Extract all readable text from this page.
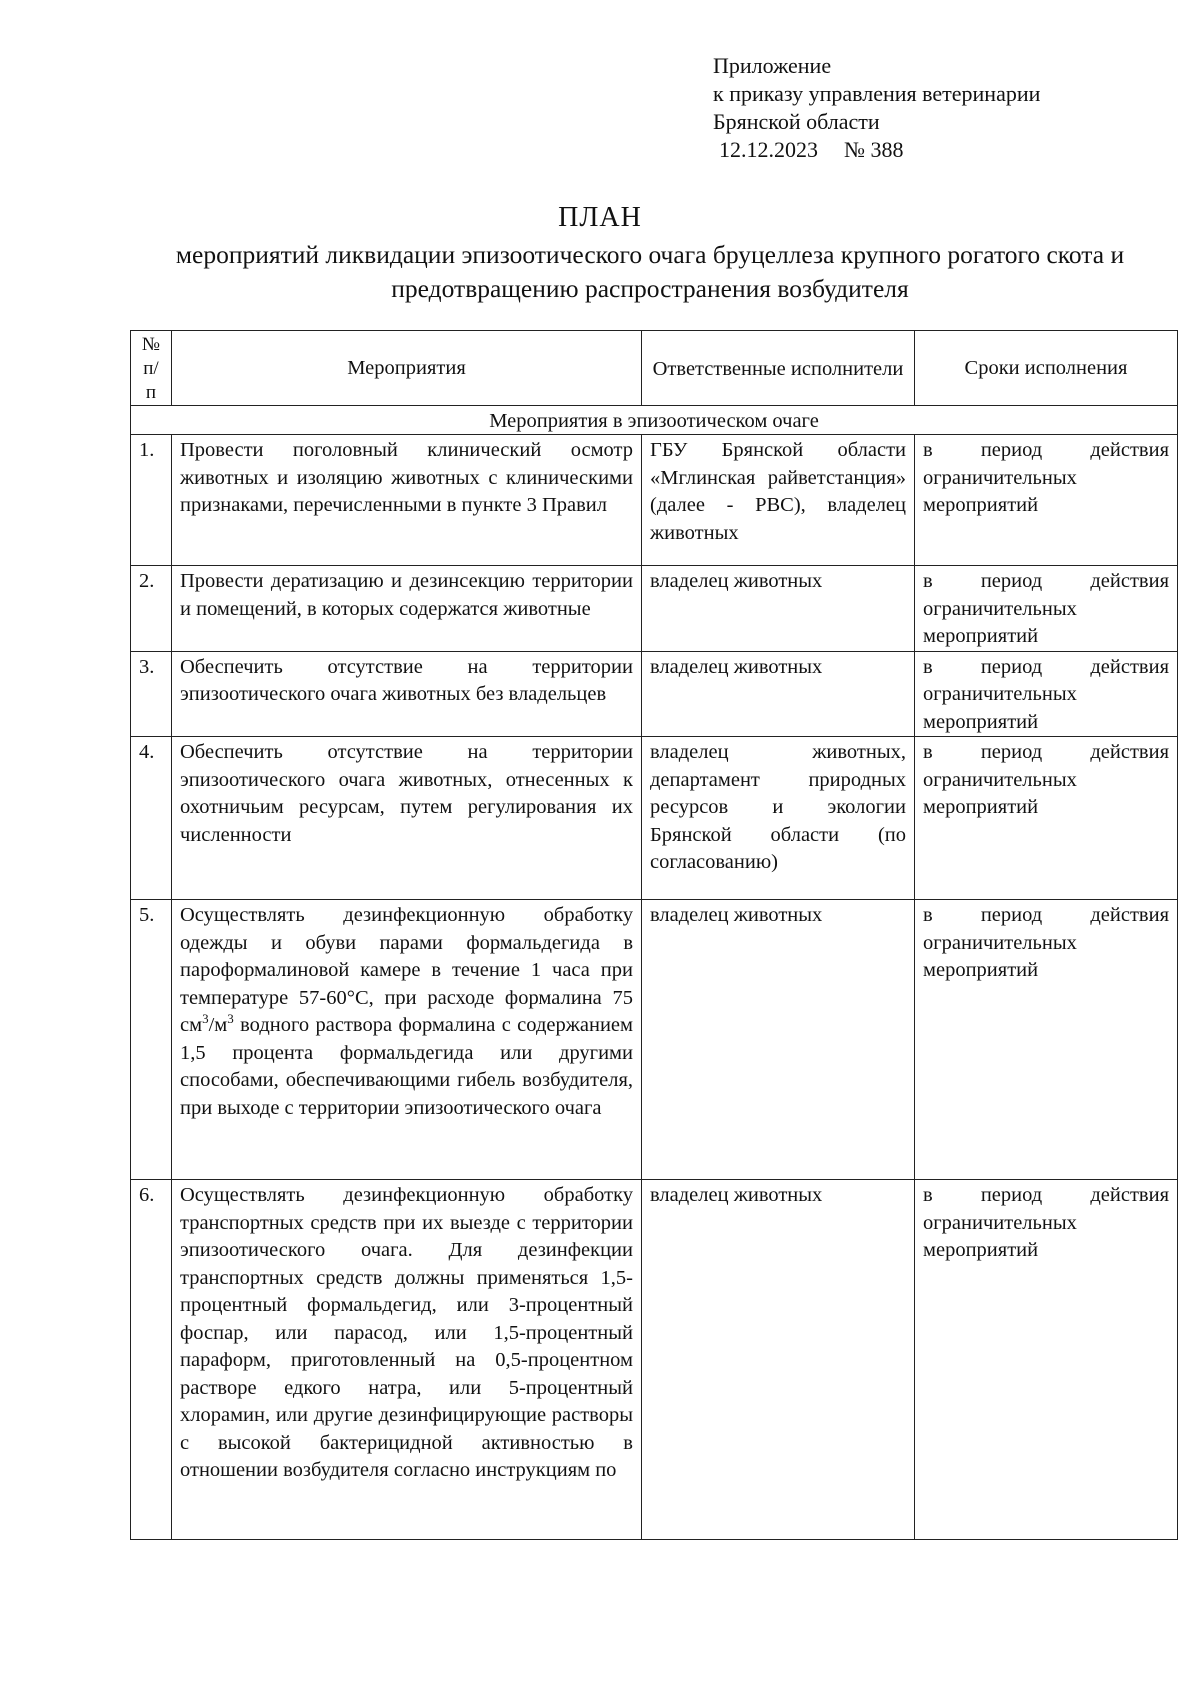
Приложение
к приказу управления ветеринарии
Брянской области
12.12.2023 № 388
ПЛАН
мероприятий ликвидации эпизоотического очага бруцеллеза крупного рогатого скота и предотвращению распространения возбудителя
№ п/п	Мероприятия	Ответственные исполнители	Сроки исполнения
Мероприятия в эпизоотическом очаге			
1.	Провести поголовный клинический осмотр животных и изоляцию животных с клиническими признаками, перечисленными в пункте 3 Правил	ГБУ Брянской области «Мглинская райветстанция» (далее - РВС), владелец животных	в период действия ограничительных мероприятий
2.	Провести дератизацию и дезинсекцию территории и помещений, в которых содержатся животные	владелец животных	в период действия ограничительных мероприятий
3.	Обеспечить отсутствие на территории эпизоотического очага животных без владельцев	владелец животных	в период действия ограничительных мероприятий
4.	Обеспечить отсутствие на территории эпизоотического очага животных, отнесенных к охотничьим ресурсам, путем регулирования их численности	владелец животных, департамент природных ресурсов и экологии Брянской области (по согласованию)	в период действия ограничительных мероприятий
5.	Осуществлять дезинфекционную обработку одежды и обуви парами формальдегида в пароформалиновой камере в течение 1 часа при температуре 57-60°С, при расходе формалина 75 $см^3/м^3$ водного раствора формалина с содержанием 1,5 процента формальдегида или другими способами, обеспечивающими гибель возбудителя, при выходе с территории эпизоотического очага	владелец животных	в период действия ограничительных мероприятий
6.	Осуществлять дезинфекционную обработку транспортных средств при их выезде с территории эпизоотического очага. Для дезинфекции транспортных средств должны применяться 1,5-процентный формальдегид, или 3-процентный фоспар, или парасод, или 1,5-процентный параформ, приготовленный на 0,5-процентном растворе едкого натра, или 5-процентный хлорамин, или другие дезинфицирующие растворы с высокой бактерицидной активностью в отношении возбудителя согласно инструкциям по	владелец животных	в период действия ограничительных мероприятий
